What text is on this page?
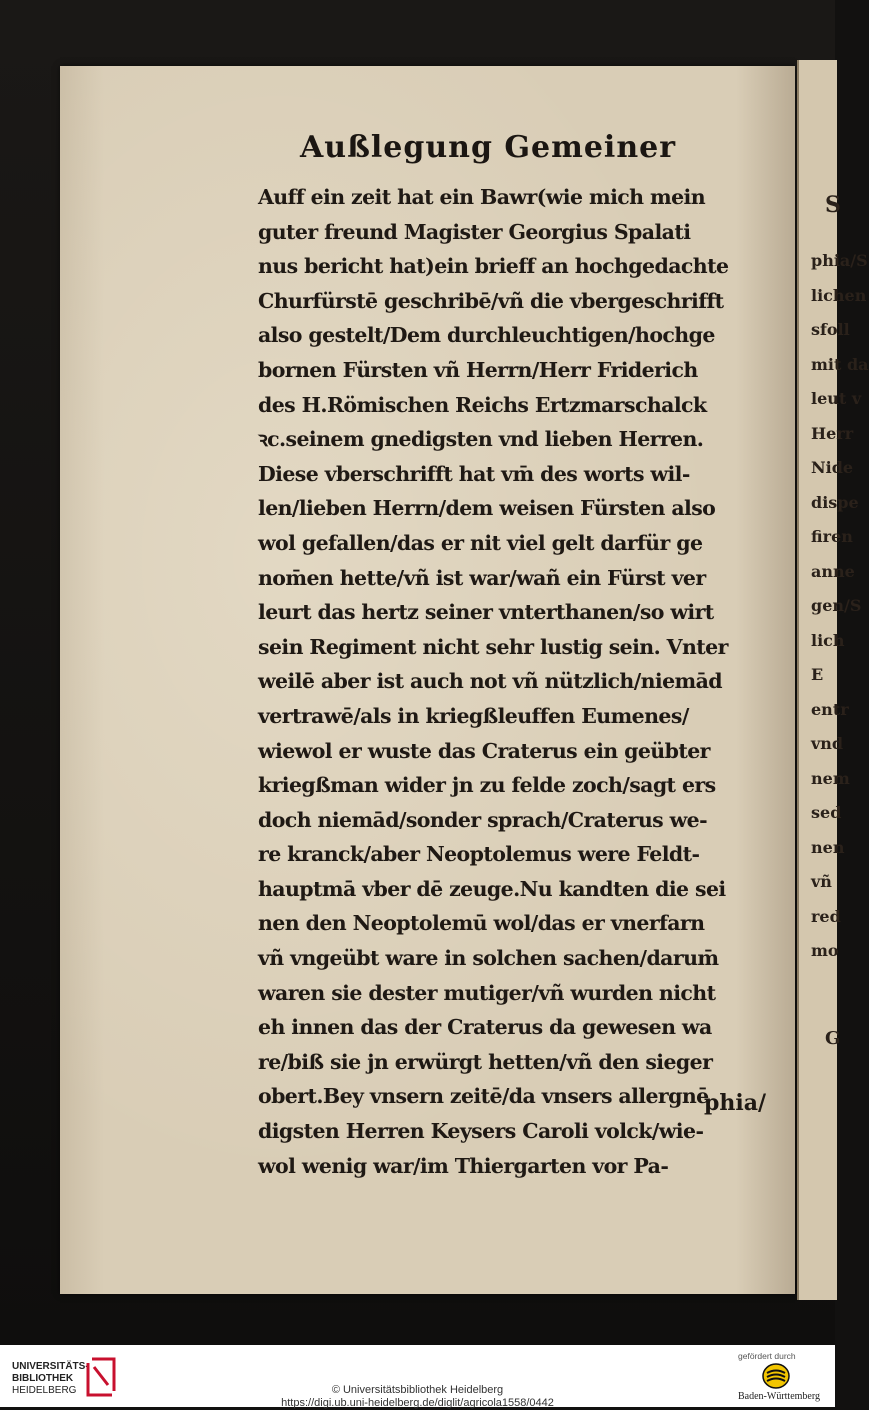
S
phia/S
lichen
sfoll
mit da
leut v
Herr
Nide
dispe
firen
anne
gen/S
lich
E
entr
vnd
nem
sed
nen
vñ
red
mo
G
Außlegung Gemeiner
Auff ein zeit hat ein Bawr(wie mich mein
guter freund Magister Georgius Spalati
nus bericht hat)ein brieff an hochgedachte
Churfürstē geschribē/vñ die vbergeschrifft
also gestelt/Dem durchleuchtigen/hochge
bornen Fürsten vñ Herrn/Herr Friderich
des H.Römischen Reichs Ertzmarschalck
ꝛc.seinem gnedigsten vnd lieben Herren.
Diese vberschrifft hat vm̄ des worts wil-
len/lieben Herrn/dem weisen Fürsten also
wol gefallen/das er nit viel gelt darfür ge
nom̄en hette/vñ ist war/wañ ein Fürst ver
leurt das hertz seiner vnterthanen/so wirt
sein Regiment nicht sehr lustig sein. Vnter
weilē aber ist auch not vñ nützlich/niemād
vertrawē/als in kriegßleuffen Eumenes/
wiewol er wuste das Craterus ein geübter
kriegßman wider jn zu felde zoch/sagt ers
doch niemād/sonder sprach/Craterus we-
re kranck/aber Neoptolemus were Feldt-
hauptmā vber dē zeuge.Nu kandten die sei
nen den Neoptolemū wol/das er vnerfarn
vñ vngeübt ware in solchen sachen/darum̄
waren sie dester mutiger/vñ wurden nicht
eh innen das der Craterus da gewesen wa
re/biß sie jn erwürgt hetten/vñ den sieger
obert.Bey vnsern zeitē/da vnsers allergnē
digsten Herren Keysers Caroli volck/wie-
wol wenig war/im Thiergarten vor Pa-
phia/
UNIVERSITÄTS-
BIBLIOTHEK
HEIDELBERG	© Universitätsbibliothek Heidelberg
https://digi.ub.uni-heidelberg.de/diglit/agricola1558/0442
gefördert durch
Baden-Württemberg
